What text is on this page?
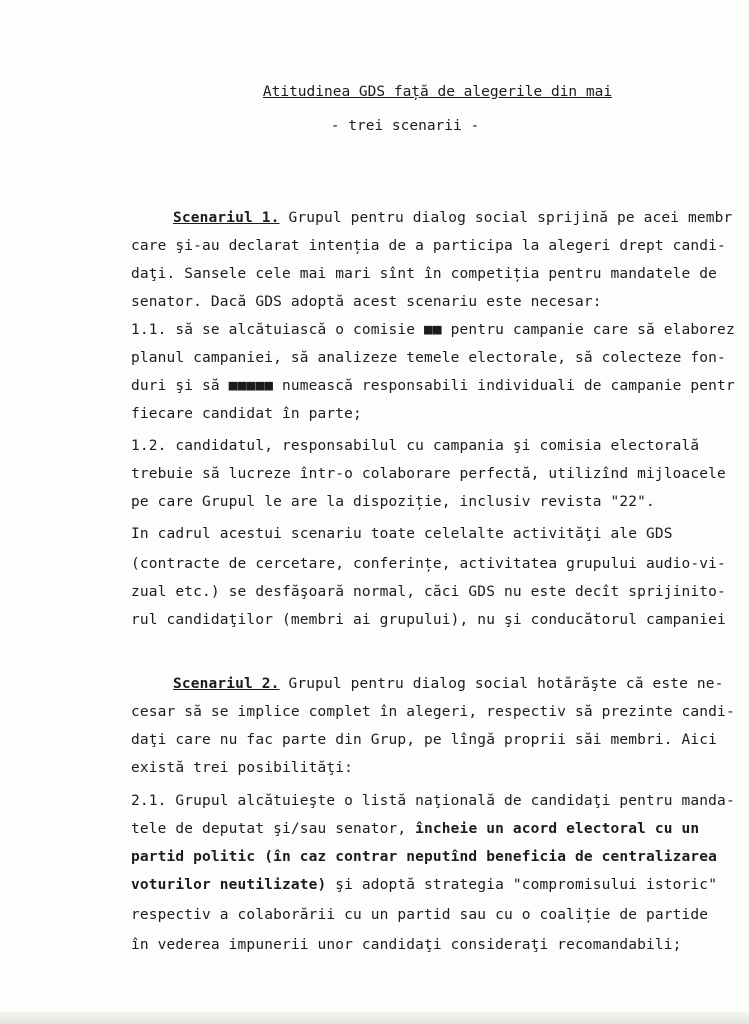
Atitudinea GDS față de alegerile din mai
- trei scenarii -
Scenariul 1. Grupul pentru dialog social sprijină pe acei membr
care şi-au declarat intenția de a participa la alegeri drept candi-
daţi. Sansele cele mai mari sînt în competiția pentru mandatele de
senator. Dacă GDS adoptă acest scenariu este necesar:
1.1. să se alcătuiască o comisie ■■ pentru campanie care să elaborez
planul campaniei, să analizeze temele electorale, să colecteze fon-
duri şi să ■■■■■ numească responsabili individuali de campanie pentr
fiecare candidat în parte;
1.2. candidatul, responsabilul cu campania şi comisia electorală
trebuie să lucreze într-o colaborare perfectă, utilizînd mijloacele
pe care Grupul le are la dispoziție, inclusiv revista "22".
In cadrul acestui scenariu toate celelalte activităţi ale GDS
(contracte de cercetare, conferințe, activitatea grupului audio-vi-
zual etc.) se desfăşoară normal, căci GDS nu este decît sprijinito-
rul candidaţilor (membri ai grupului), nu şi conducătorul campaniei
Scenariul 2. Grupul pentru dialog social hotărăşte că este ne-
cesar să se implice complet în alegeri, respectiv să prezinte candi-
daţi care nu fac parte din Grup, pe lîngă proprii săi membri. Aici
există trei posibilităţi:
2.1. Grupul alcătuieşte o listă naţională de candidaţi pentru manda-
tele de deputat şi/sau senator, încheie un acord electoral cu un
partid politic (în caz contrar neputînd beneficia de centralizarea
voturilor neutilizate) şi adoptă strategia "compromisului istoric"
respectiv a colaborării cu un partid sau cu o coaliție de partide
în vederea impunerii unor candidaţi consideraţi recomandabili;
